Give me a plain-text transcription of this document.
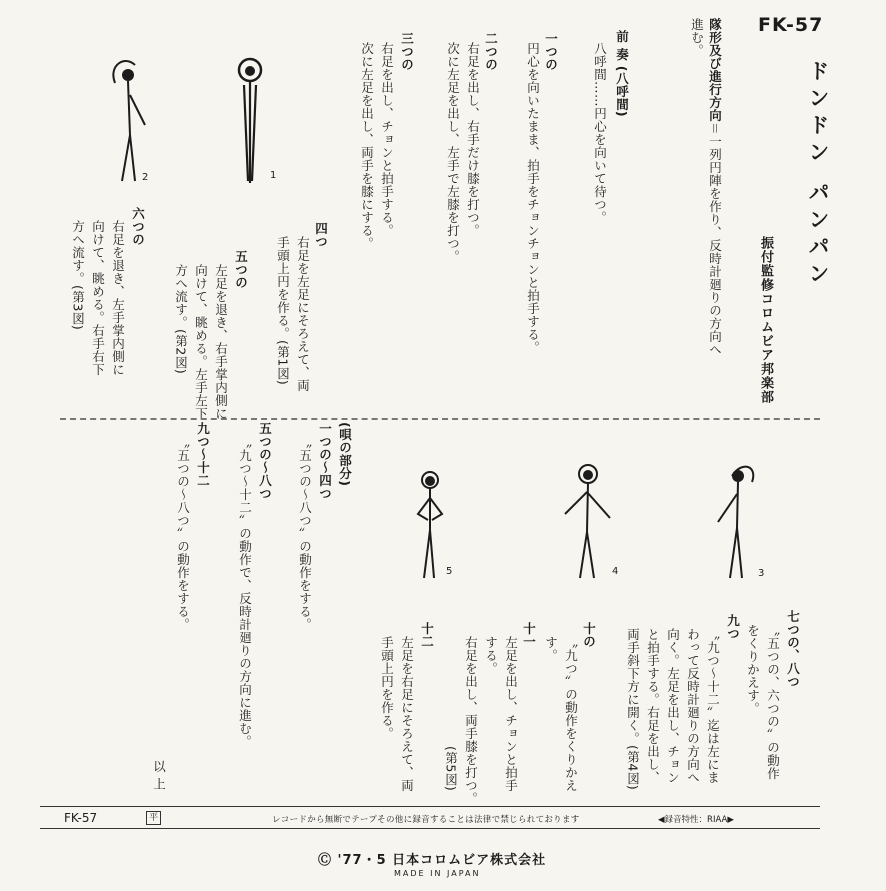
FK-57
ドンドン パンパン
振付監修コロムビア邦楽部
隊形及び進行方向
＝一列円陣を作り、反時計廻りの方向へ
進む。
前 奏 (八呼間)
八呼間……円心を向いて待つ。
一つの
円心を向いたまま、拍手をチョンチョンと拍手する。
二つの
右足を出し、右手だけ膝を打つ。
次に左足を出し、左手で左膝を打つ。
三つの
右足を出し、チョンと拍手する。
次に左足を出し、両手を膝にする。
四つ
右足を左足にそろえて、両
手頭上円を作る。(第1図)
五つの
左足を退き、右手掌内側に
向けて、眺める。左手左下
方へ流す。(第2図)
六つの
右足を退き、左手掌内側に
向けて、眺める。右手右下
方へ流す。(第3図)
1
2
七つの、八つ
〝五つの、六つの〟の動作
をくりかえす。
九つ
〝九つ～十二〟迄は左にま
わって反時計廻りの方向へ
向く。左足を出し、チョン
と拍手する。右足を出し、
両手斜下方に開く。(第4図)
十の
〝九つ〟の動作をくりかえ
す。
十一
左足を出し、チョンと拍手
する。
右足を出し、両手膝を打つ。
(第5図)
十二
左足を右足にそろえて、両
手頭上円を作る。
(唄の部分)
一つの～四つ
〝五つの～八つ〟の動作をする。
五つの～八つ
〝九つ～十二〟の動作で、反時計廻りの方向に進む。
九つ～十二
〝五つの～八つ〟の動作をする。
以 上
3
4
5
FK-57	平	レコードから無断でテープその他に録音することは法律で禁じられております	◀録音特性：RIAA▶
Ⓒ '77・5 日本コロムビア株式会社
MADE IN JAPAN
